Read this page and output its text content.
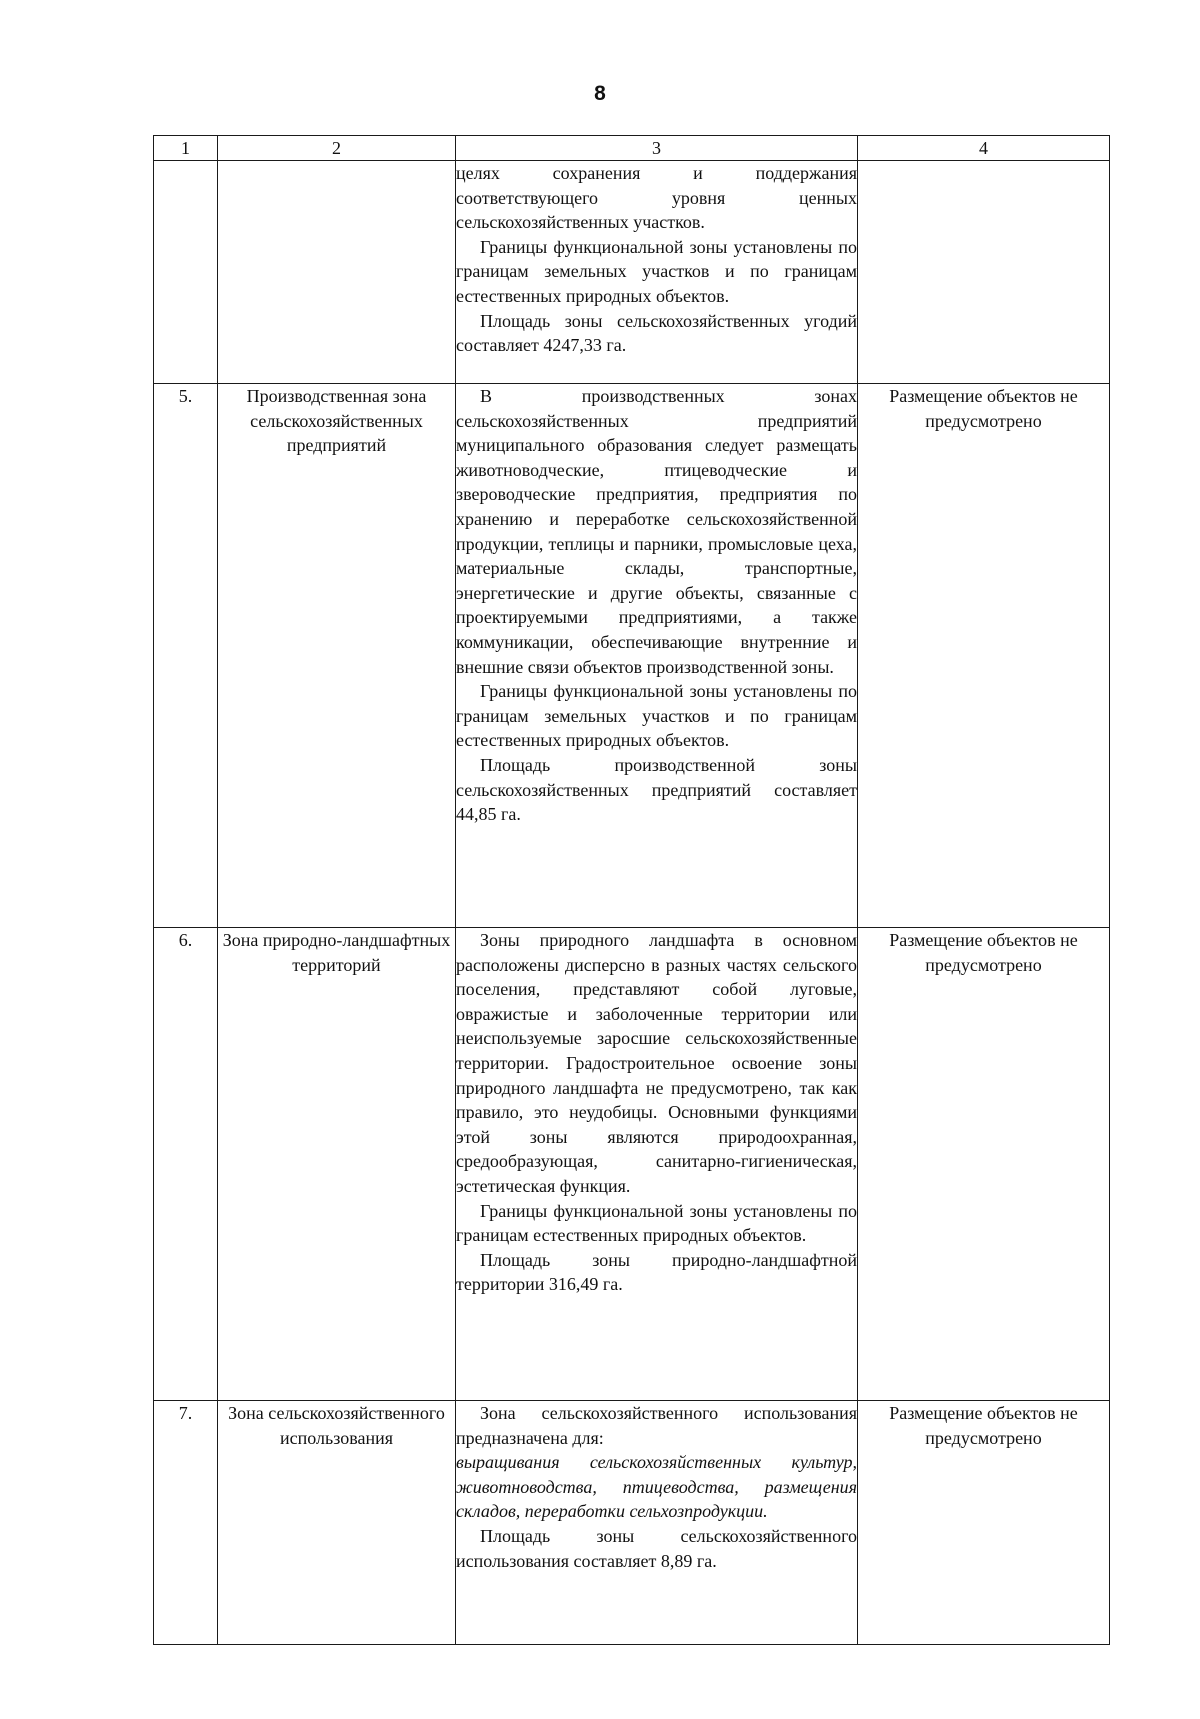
8
1	2	3	4

		целях сохранения и поддержания соответствующего уровня ценных сельскохозяйственных участков.

Границы функциональной зоны установлены по границам земельных участков и по границам естественных природных объектов.

Площадь зоны сельскохозяйственных угодий составляет 4247,33 га.	

5.	Производственная зона сельскохозяйственных предприятий	В производственных зонах сельскохозяйственных предприятий муниципального образования следует размещать животноводческие, птицеводческие и звероводческие предприятия, предприятия по хранению и переработке сельскохозяйственной продукции, теплицы и парники, промысловые цеха, материальные склады, транспортные, энергетические и другие объекты, связанные с проектируемыми предприятиями, а также коммуникации, обеспечивающие внутренние и внешние связи объектов производственной зоны.

Границы функциональной зоны установлены по границам земельных участков и по границам естественных природных объектов.

Площадь производственной зоны сельскохозяйственных предприятий составляет 44,85 га.	Размещение объектов не предусмотрено
6.	Зона природно-ландшафтных территорий	Зоны природного ландшафта в основном расположены дисперсно в разных частях сельского поселения, представляют собой луговые, овражистые и заболоченные территории или неиспользуемые заросшие сельскохозяйственные территории. Градостроительное освоение зоны природного ландшафта не предусмотрено, так как правило, это неудобицы. Основными функциями этой зоны являются природоохранная, средообразующая, санитарно-гигиеническая, эстетическая функция.

Границы функциональной зоны установлены по границам естественных природных объектов.

Площадь зоны природно-ландшафтной территории 316,49 га.	Размещение объектов не предусмотрено
7.	Зона сельскохозяйственного использования	Зона сельскохозяйственного использования предназначена для:

выращивания сельскохозяйственных культур, животноводства, птицеводства, размещения складов, переработки сельхозпродукции.

Площадь зоны сельскохозяйственного использования составляет 8,89 га.	Размещение объектов не предусмотрено
